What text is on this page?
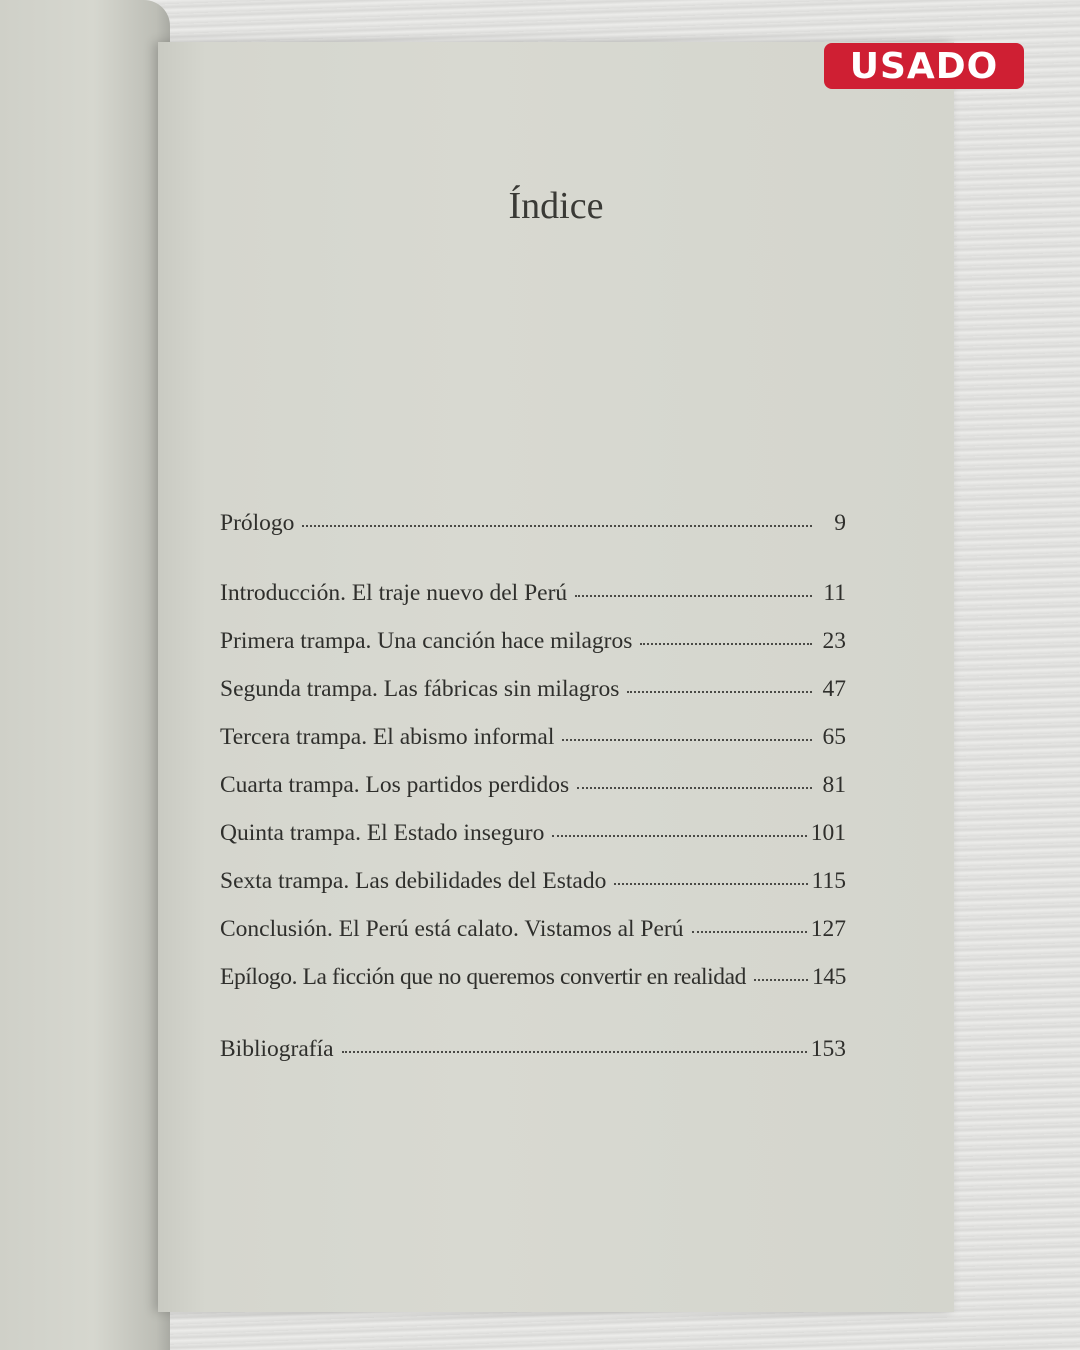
Índice
Prólogo	9
Introducción. El traje nuevo del Perú	11
Primera trampa. Una canción hace milagros	23
Segunda trampa. Las fábricas sin milagros	47
Tercera trampa. El abismo informal	65
Cuarta trampa. Los partidos perdidos	81
Quinta trampa. El Estado inseguro	101
Sexta trampa. Las debilidades del Estado	115
Conclusión. El Perú está calato. Vistamos al Perú	127
Epílogo. La ficción que no queremos convertir en realidad	145
Bibliografía	153
USADO
